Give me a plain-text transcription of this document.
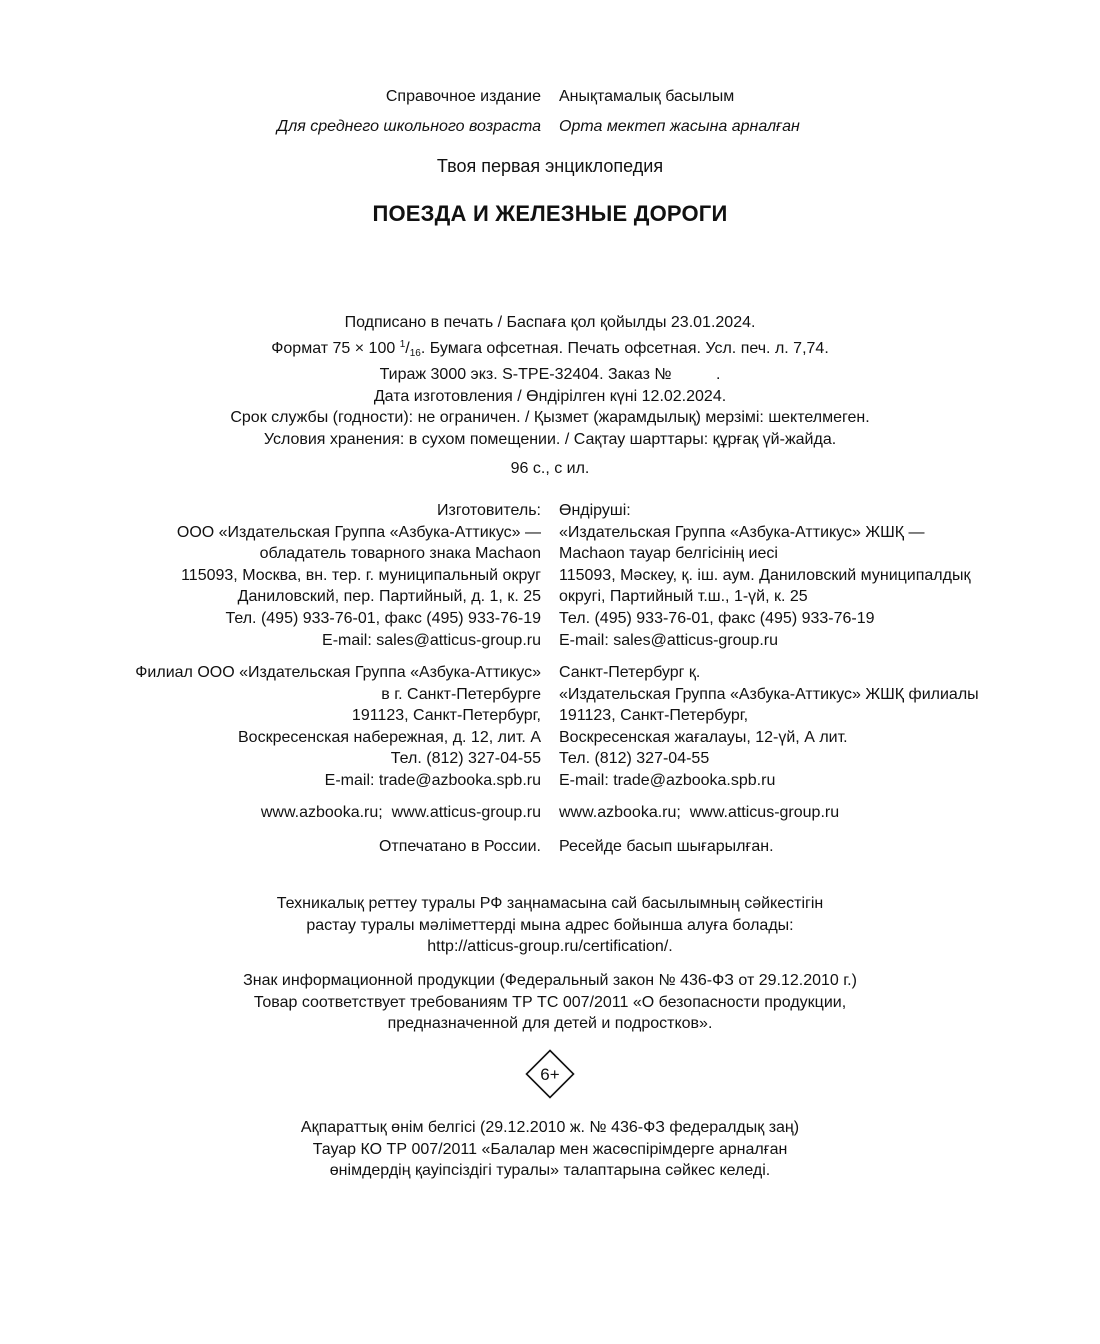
Справочное издание Анықтамалық басылым
Для среднего школьного возраста Орта мектеп жасына арналған
Твоя первая энциклопедия
ПОЕЗДА И ЖЕЛЕЗНЫЕ ДОРОГИ
Подписано в печать / Баспаға қол қойылды 23.01.2024.
Формат 75 × 100 $^1/_{16}$. Бумага офсетная. Печать офсетная. Усл. печ. л. 7,74.
Тираж 3000 экз. S-TPE-32404. Заказ №          .
Дата изготовления / Өндірілген күні 12.02.2024.
Срок службы (годности): не ограничен. / Қызмет (жарамдылық) мерзімі: шектелмеген.
Условия хранения: в сухом помещении. / Сақтау шарттары: құрғақ үй-жайда.
96 с., с ил.
Изготовитель:
ООО «Издательская Группа «Азбука-Аттикус» —
обладатель товарного знака Machaon
115093, Москва, вн. тер. г. муниципальный округ
Даниловский, пер. Партийный, д. 1, к. 25
Тел. (495) 933-76-01, факс (495) 933-76-19
E-mail: sales@atticus-group.ru
Өндіруші:
«Издательская Группа «Азбука-Аттикус» ЖШҚ —
Machaon тауар белгісінің иесі
115093, Мәскеу, қ. іш. аум. Даниловский муниципалдық
округі, Партийный т.ш., 1-үй, к. 25
Тел. (495) 933-76-01, факс (495) 933-76-19
E-mail: sales@atticus-group.ru
Филиал ООО «Издательская Группа «Азбука-Аттикус»
в г. Санкт-Петербурге
191123, Санкт-Петербург,
Воскресенская набережная, д. 12, лит. А
Тел. (812) 327-04-55
E-mail: trade@azbooka.spb.ru
Санкт-Петербург қ.
«Издательская Группа «Азбука-Аттикус» ЖШҚ филиалы
191123, Санкт-Петербург,
Воскресенская жағалауы, 12-үй, А лит.
Тел. (812) 327-04-55
E-mail: trade@azbooka.spb.ru
www.azbooka.ru;  www.atticus-group.ru www.azbooka.ru;  www.atticus-group.ru
Отпечатано в России. Ресейде басып шығарылған.
Техникалық реттеу туралы РФ заңнамасына сай басылымның сәйкестігін
растау туралы мәліметтерді мына адрес бойынша алуға болады:
http://atticus-group.ru/certification/.
Знак информационной продукции (Федеральный закон № 436-ФЗ от 29.12.2010 г.)
Товар соответствует требованиям ТР ТС 007/2011 «О безопасности продукции,
предназначенной для детей и подростков».
6+
Ақпараттық өнім белгісі (29.12.2010 ж. № 436-ФЗ федералдық заң)
Тауар КО ТР 007/2011 «Балалар мен жасөспірімдерге арналған
өнімдердің қауіпсіздігі туралы» талаптарына сәйкес келеді.
